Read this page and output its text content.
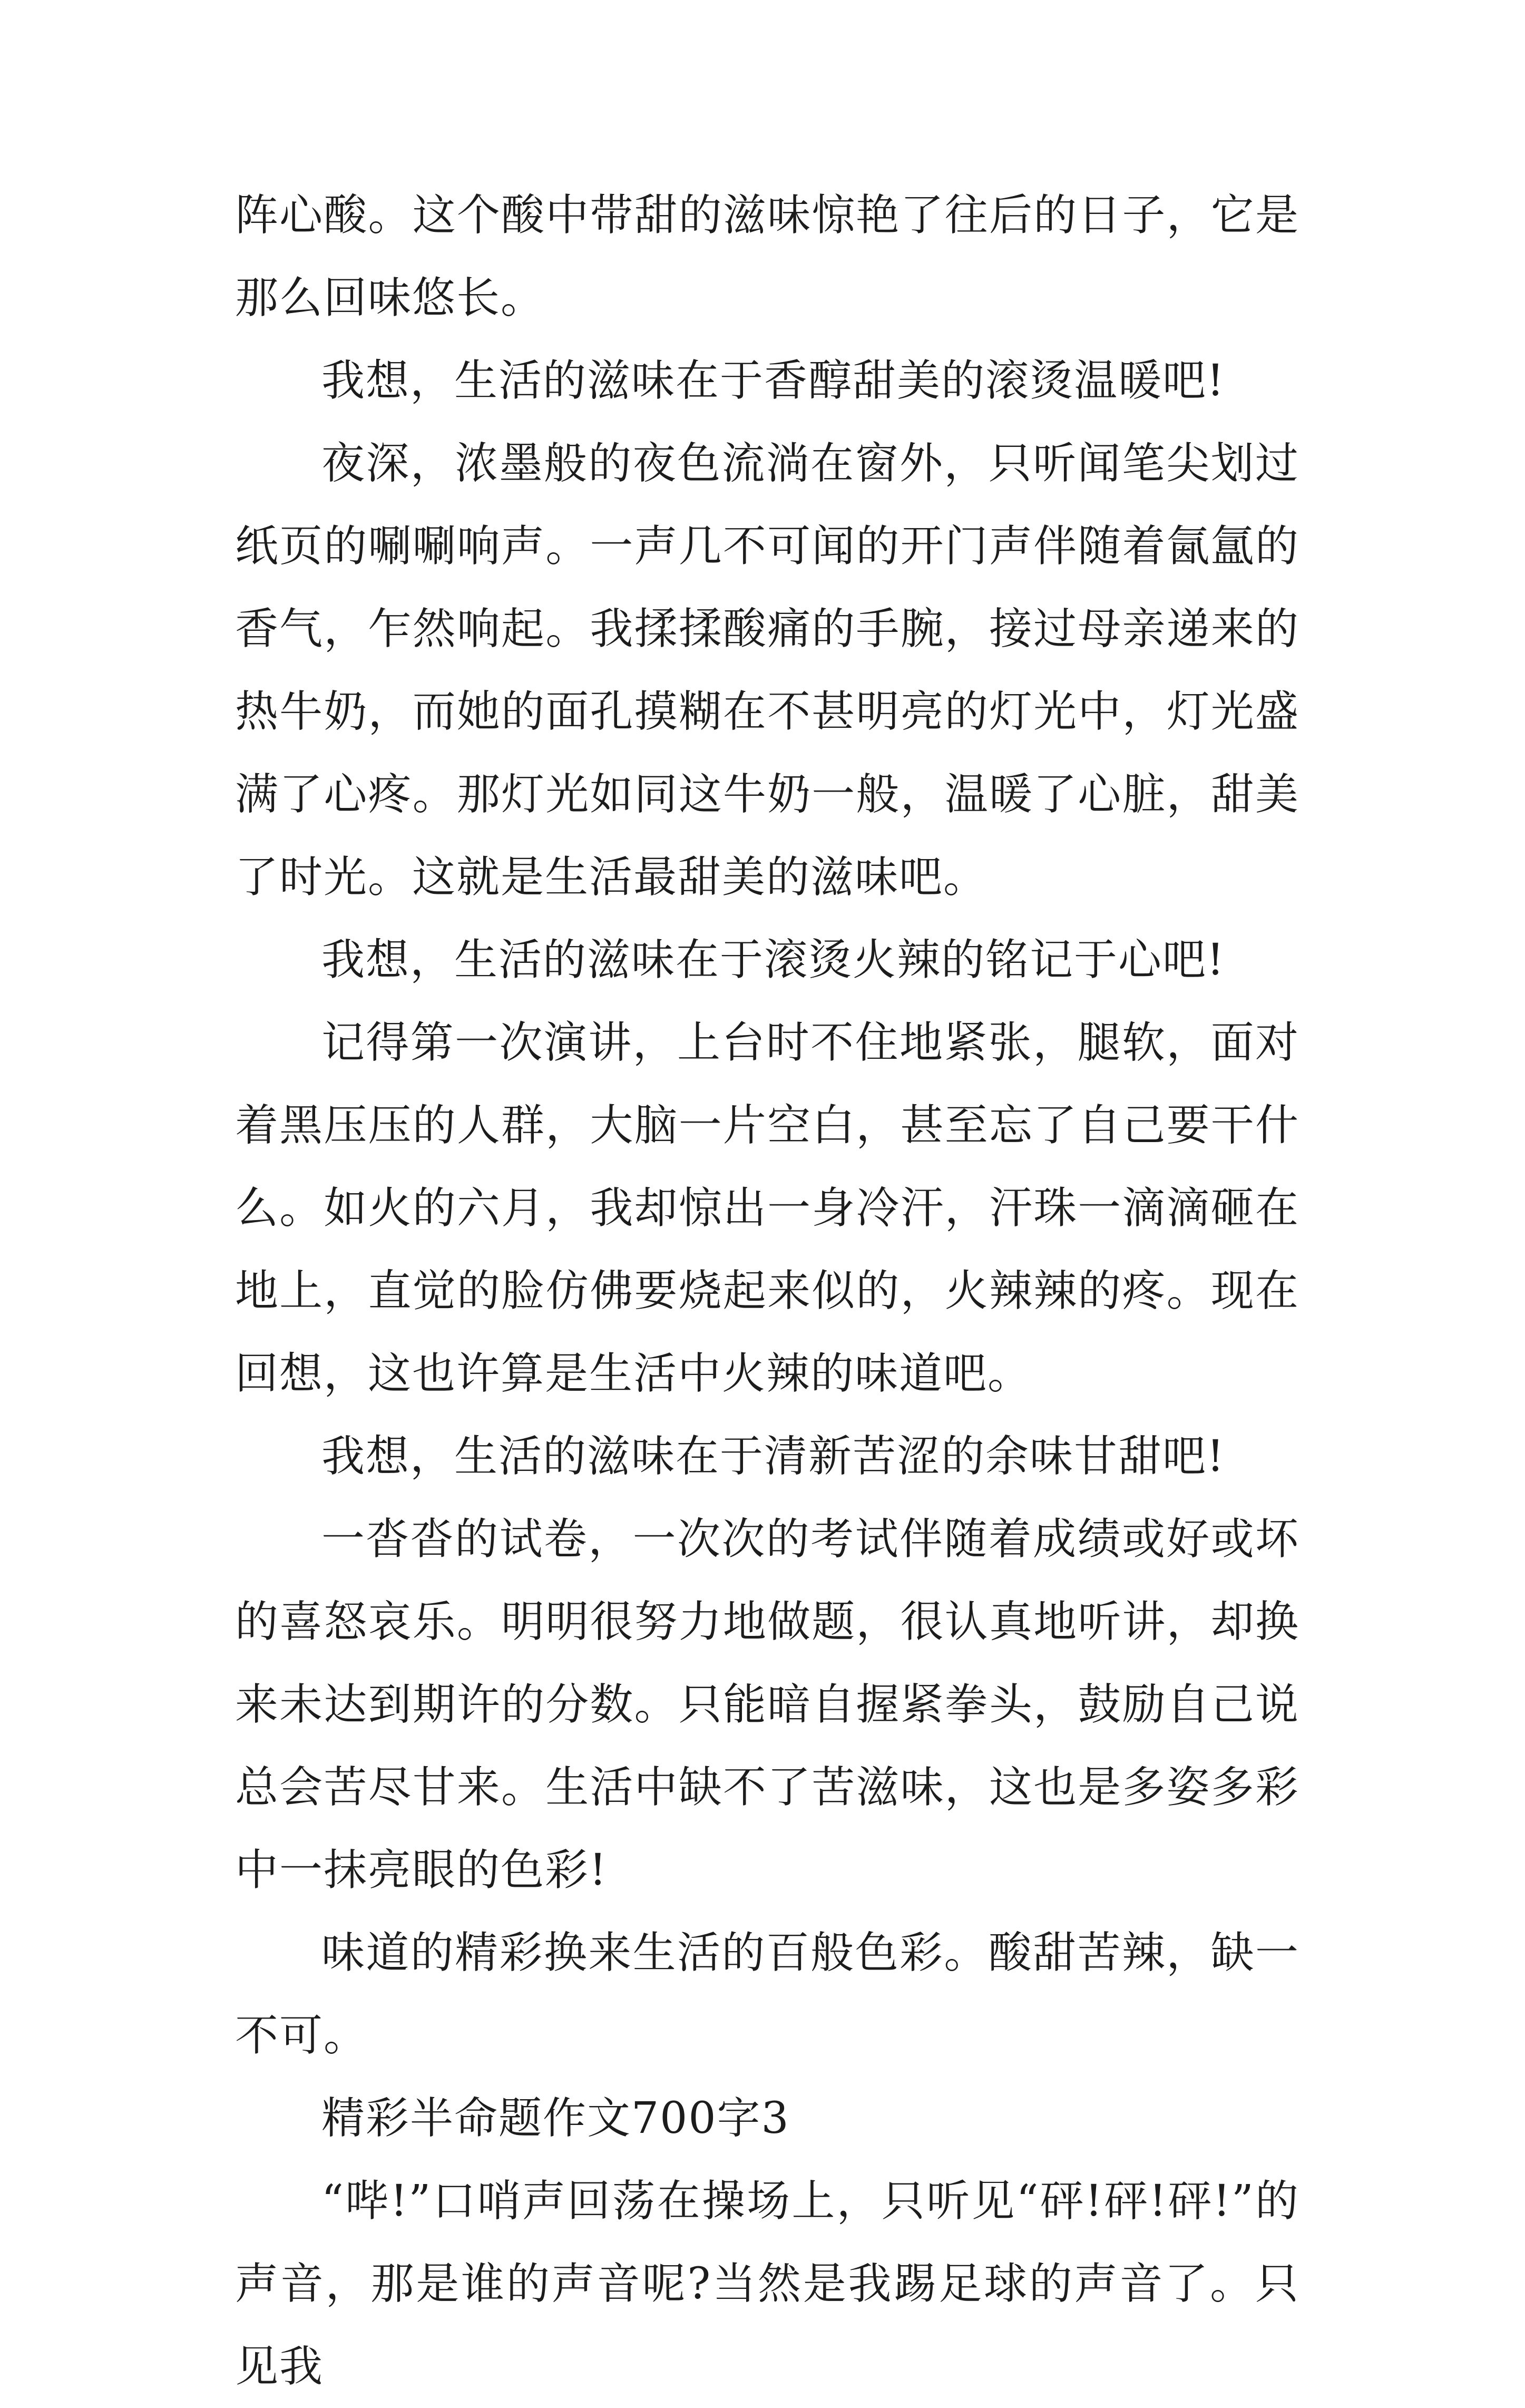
阵心酸。这个酸中带甜的滋味惊艳了往后的日子，它是那么回味悠长。

我想，生活的滋味在于香醇甜美的滚烫温暖吧!

夜深，浓墨般的夜色流淌在窗外，只听闻笔尖划过纸页的唰唰响声。一声几不可闻的开门声伴随着氤氲的香气，乍然响起。我揉揉酸痛的手腕，接过母亲递来的热牛奶，而她的面孔摸糊在不甚明亮的灯光中，灯光盛满了心疼。那灯光如同这牛奶一般，温暖了心脏，甜美了时光。这就是生活最甜美的滋味吧。

我想，生活的滋味在于滚烫火辣的铭记于心吧!

记得第一次演讲，上台时不住地紧张，腿软，面对着黑压压的人群，大脑一片空白，甚至忘了自己要干什么。如火的六月，我却惊出一身冷汗，汗珠一滴滴砸在地上，直觉的脸仿佛要烧起来似的，火辣辣的疼。现在回想，这也许算是生活中火辣的味道吧。

我想，生活的滋味在于清新苦涩的余味甘甜吧!

一沓沓的试卷，一次次的考试伴随着成绩或好或坏的喜怒哀乐。明明很努力地做题，很认真地听讲，却换来未达到期许的分数。只能暗自握紧拳头，鼓励自己说总会苦尽甘来。生活中缺不了苦滋味，这也是多姿多彩中一抹亮眼的色彩!

味道的精彩换来生活的百般色彩。酸甜苦辣，缺一不可。

精彩半命题作文700字3

“哔!”口哨声回荡在操场上，只听见“砰!砰!砰!”的声音，那是谁的声音呢?当然是我踢足球的声音了。只见我
